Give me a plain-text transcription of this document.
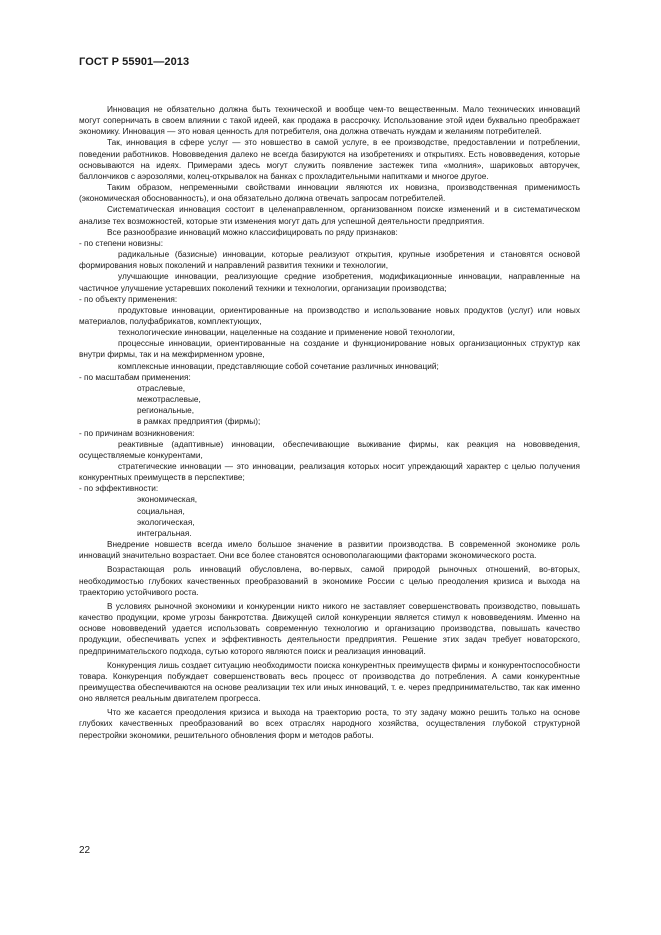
ГОСТ Р 55901—2013

Инновация не обязательно должна быть технической и вообще чем-то вещественным. Мало технических инноваций могут соперничать в своем влиянии с такой идеей, как продажа в рассрочку. Использование этой идеи буквально преображает экономику. Инновация — это новая ценность для потребителя, она должна отвечать нуждам и желаниям потребителей.

Так, инновация в сфере услуг — это новшество в самой услуге, в ее производстве, предоставлении и потреблении, поведении работников. Нововведения далеко не всегда базируются на изобретениях и открытиях. Есть нововведения, которые основываются на идеях. Примерами здесь могут служить появление застежек типа «молния», шариковых авторучек, баллончиков с аэрозолями, колец-открывалок на банках с прохладительными напитками и многое другое.

Таким образом, непременными свойствами инновации являются их новизна, производственная применимость (экономическая обоснованность), и она обязательно должна отвечать запросам потребителей.

Систематическая инновация состоит в целенаправленном, организованном поиске изменений и в систематическом анализе тех возможностей, которые эти изменения могут дать для успешной деятельности предприятия.

Все разнообразие инноваций можно классифицировать по ряду признаков:

- по степени новизны:

радикальные (базисные) инновации, которые реализуют открытия, крупные изобретения и становятся основой формирования новых поколений и направлений развития техники и технологии,

улучшающие инновации, реализующие средние изобретения, модификационные инновации, направленные на частичное улучшение устаревших поколений техники и технологии, организации производства;

- по объекту применения:

продуктовые инновации, ориентированные на производство и использование новых продуктов (услуг) или новых материалов, полуфабрикатов, комплектующих,

технологические инновации, нацеленные на создание и применение новой технологии,

процессные инновации, ориентированные на создание и функционирование новых организационных структур как внутри фирмы, так и на межфирменном уровне,

комплексные инновации, представляющие собой сочетание различных инноваций;

- по масштабам применения:

отраслевые,

межотраслевые,

региональные,

в рамках предприятия (фирмы);

- по причинам возникновения:

реактивные (адаптивные) инновации, обеспечивающие выживание фирмы, как реакция на нововведения, осуществляемые конкурентами,

стратегические инновации — это инновации, реализация которых носит упреждающий характер с целью получения конкурентных преимуществ в перспективе;

- по эффективности:

экономическая,

социальная,

экологическая,

интегральная.

Внедрение новшеств всегда имело большое значение в развитии производства. В современной экономике роль инноваций значительно возрастает. Они все более становятся основополагающими факторами экономического роста.

Возрастающая роль инноваций обусловлена, во-первых, самой природой рыночных отношений, во-вторых, необходимостью глубоких качественных преобразований в экономике России с целью преодоления кризиса и выхода на траекторию устойчивого роста.

В условиях рыночной экономики и конкуренции никто никого не заставляет совершенствовать производство, повышать качество продукции, кроме угрозы банкротства. Движущей силой конкуренции является стимул к нововведениям. Именно на основе нововведений удается использовать современную технологию и организацию производства, повышать качество продукции, обеспечивать успех и эффективность деятельности предприятия. Решение этих задач требует новаторского, предпринимательского подхода, сутью которого являются поиск и реализация инноваций.

Конкуренция лишь создает ситуацию необходимости поиска конкурентных преимуществ фирмы и конкурентоспособности товара. Конкуренция побуждает совершенствовать весь процесс от производства до потребления. А сами конкурентные преимущества обеспечиваются на основе реализации тех или иных инноваций, т. е. через предпринимательство, так как именно оно является реальным двигателем прогресса.

Что же касается преодоления кризиса и выхода на траекторию роста, то эту задачу можно решить только на основе глубоких качественных преобразований во всех отраслях народного хозяйства, осуществления глубокой структурной перестройки экономики, решительного обновления форм и методов работы.

22
